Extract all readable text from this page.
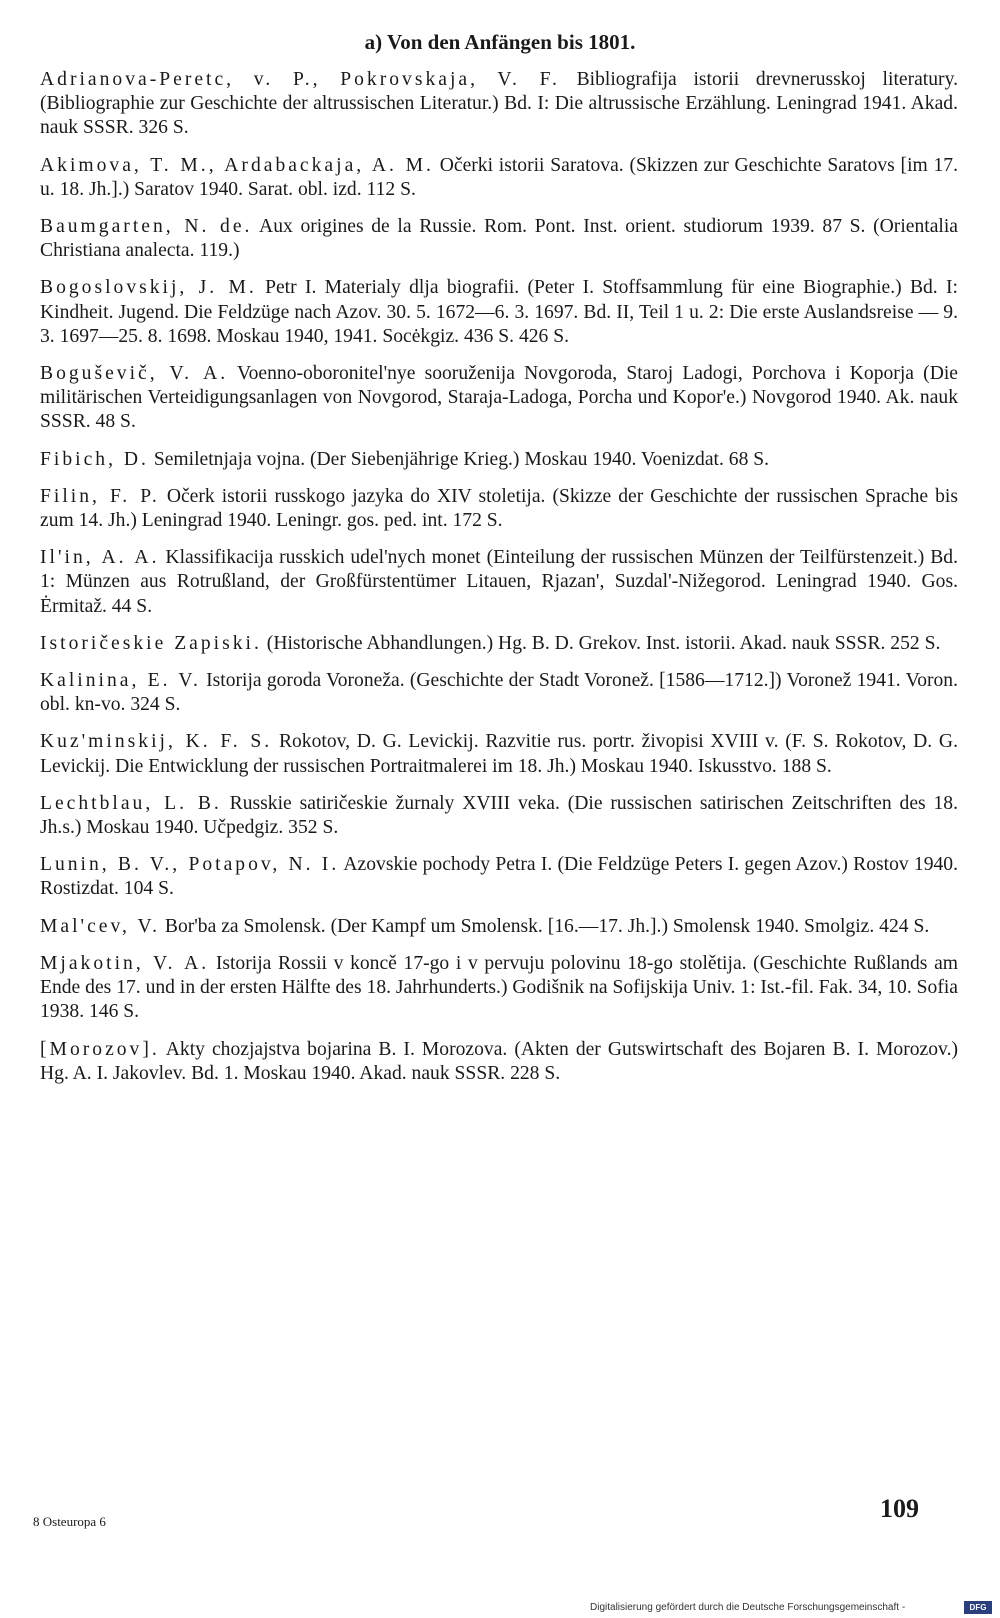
a) Von den Anfängen bis 1801.

Adrianova-Peretc, v. P., Pokrovskaja, V. F. Bibliografija istorii drevnerusskoj literatury. (Bibliographie zur Geschichte der altrussischen Literatur.) Bd. I: Die altrussische Erzählung. Leningrad 1941. Akad. nauk SSSR. 326 S.

Akimova, T. M., Ardabackaja, A. M. Očerki istorii Saratova. (Skizzen zur Geschichte Saratovs [im 17. u. 18. Jh.].) Saratov 1940. Sarat. obl. izd. 112 S.

Baumgarten, N. de. Aux origines de la Russie. Rom. Pont. Inst. orient. studiorum 1939. 87 S. (Orientalia Christiana analecta. 119.)

Bogoslovskij, J. M. Petr I. Materialy dlja biografii. (Peter I. Stoffsammlung für eine Biographie.) Bd. I: Kindheit. Jugend. Die Feldzüge nach Azov. 30. 5. 1672—6. 3. 1697. Bd. II, Teil 1 u. 2: Die erste Auslandsreise — 9. 3. 1697—25. 8. 1698. Moskau 1940, 1941. Socėkgiz. 436 S. 426 S.

Boguševič, V. A. Voenno-oboronitel'nye sooruženija Novgoroda, Staroj Ladogi, Porchova i Koporja (Die militärischen Verteidigungsanlagen von Novgorod, Staraja-Ladoga, Porcha und Kopor'e.) Novgorod 1940. Ak. nauk SSSR. 48 S.

Fibich, D. Semiletnjaja vojna. (Der Siebenjährige Krieg.) Moskau 1940. Voenizdat. 68 S.

Filin, F. P. Očerk istorii russkogo jazyka do XIV stoletija. (Skizze der Geschichte der russischen Sprache bis zum 14. Jh.) Leningrad 1940. Leningr. gos. ped. int. 172 S.

Il'in, A. A. Klassifikacija russkich udel'nych monet (Einteilung der russischen Münzen der Teilfürstenzeit.) Bd. 1: Münzen aus Rotrußland, der Großfürstentümer Litauen, Rjazan', Suzdal'-Nižegorod. Leningrad 1940. Gos. Ėrmitaž. 44 S.

Istoričeskie Zapiski. (Historische Abhandlungen.) Hg. B. D. Grekov. Inst. istorii. Akad. nauk SSSR. 252 S.

Kalinina, E. V. Istorija goroda Voroneža. (Geschichte der Stadt Voronež. [1586—1712.]) Voronež 1941. Voron. obl. kn-vo. 324 S.

Kuz'minskij, K. F. S. Rokotov, D. G. Levickij. Razvitie rus. portr. živopisi XVIII v. (F. S. Rokotov, D. G. Levickij. Die Entwicklung der russischen Portraitmalerei im 18. Jh.) Moskau 1940. Iskusstvo. 188 S.

Lechtblau, L. B. Russkie satiričeskie žurnaly XVIII veka. (Die russischen satirischen Zeitschriften des 18. Jh.s.) Moskau 1940. Učpedgiz. 352 S.

Lunin, B. V., Potapov, N. I. Azovskie pochody Petra I. (Die Feldzüge Peters I. gegen Azov.) Rostov 1940. Rostizdat. 104 S.

Mal'cev, V. Bor'ba za Smolensk. (Der Kampf um Smolensk. [16.—17. Jh.].) Smolensk 1940. Smolgiz. 424 S.

Mjakotin, V. A. Istorija Rossii v koncě 17-go i v pervuju polovinu 18-go stolětija. (Geschichte Rußlands am Ende des 17. und in der ersten Hälfte des 18. Jahrhunderts.) Godišnik na Sofijskija Univ. 1: Ist.-fil. Fak. 34, 10. Sofia 1938. 146 S.

[Morozov]. Akty chozjajstva bojarina B. I. Morozova. (Akten der Gutswirtschaft des Bojaren B. I. Morozov.) Hg. A. I. Jakovlev. Bd. 1. Moskau 1940. Akad. nauk SSSR. 228 S.

8 Osteuropa 6	109
Digitalisierung gefördert durch die Deutsche Forschungsgemeinschaft -	DFG
